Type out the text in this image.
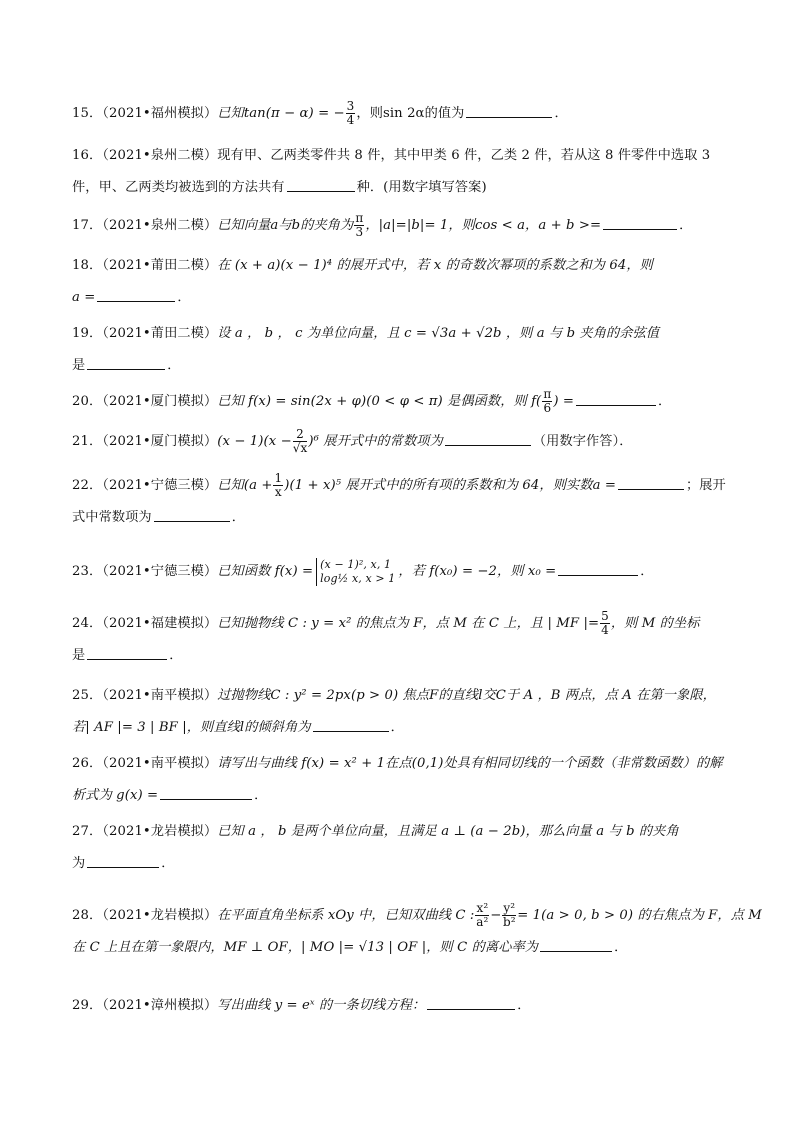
15．（2021•福州模拟）已知tan(π − α) = − $\frac{3}{4}$ ，则sin 2α的值为	．
16．（2021•泉州二模）现有甲、乙两类零件共 8 件，其中甲类 6 件，乙类 2 件，若从这 8 件零件中选取 3
件，甲、乙两类均被选到的方法共有	种．(用数字填写答案)
17．（2021•泉州二模）已知向量a与b的夹角为 $\frac{\pi}{3}$ ，|a|=|b|= 1，则cos < a，a + b >=	．
18．（2021•莆田二模）在 (x + a)(x − 1)⁴ 的展开式中，若 x 的奇数次幂项的系数之和为 64，则
a =	．
19．（2021•莆田二模）设 a ， b ， c 为单位向量，且 c = √3a + √2b ，则 a 与 b 夹角的余弦值
是	．
20．（2021•厦门模拟）已知 f(x) = sin(2x + φ)(0 < φ < π) 是偶函数，则 $f( \frac{\pi}{6}$ ) =	．
21．（2021•厦门模拟）$(x - 1)(x - \frac{2}{√x} )^6$ 展开式中的常数项为	（用数字作答）．
22．（2021•宁德三模）已知$(a + \frac{1}{x} )(1 + x)^5$ 展开式中的所有项的系数和为 64，则实数a =	；展开
式中常数项为	．
23．（2021•宁德三模）已知函数 f(x) = (x − 1)², x, 1
log½ x, x > 1 ，若 f(x₀) = −2，则 x₀ =	．
24．（2021•福建模拟）已知抛物线 C : y = x² 的焦点为 F，点 M 在 C 上，且 | MF |= $\frac{5}{4}$ ，则 M 的坐标
是	．
25．（2021•南平模拟）过抛物线C : y² = 2px(p > 0) 焦点F的直线l交C于 A ，B 两点，点 A 在第一象限，
若| AF |= 3 | BF |，则直线l的倾斜角为	．
26．（2021•南平模拟）请写出与曲线 f(x) = x² + 1在点(0,1)处具有相同切线的一个函数（非常数函数）的解
析式为 g(x) =	．
27．（2021•龙岩模拟）已知 a ， b 是两个单位向量，且满足 a ⊥ (a − 2b)，那么向量 a 与 b 的夹角
为	．
28．（2021•龙岩模拟）在平面直角坐标系 xOy 中，已知双曲线 C : $\frac{\text{x²}}{\text{a²}} - \frac{\text{y²}}{\text{b²}} = 1(a > 0$, b > 0) 的右焦点为 F，点 M
在 C 上且在第一象限内，MF ⊥ OF，| MO |= √13 | OF |，则 C 的离心率为	．
29．（2021•漳州模拟）写出曲线 y = eˣ 的一条切线方程：	．
